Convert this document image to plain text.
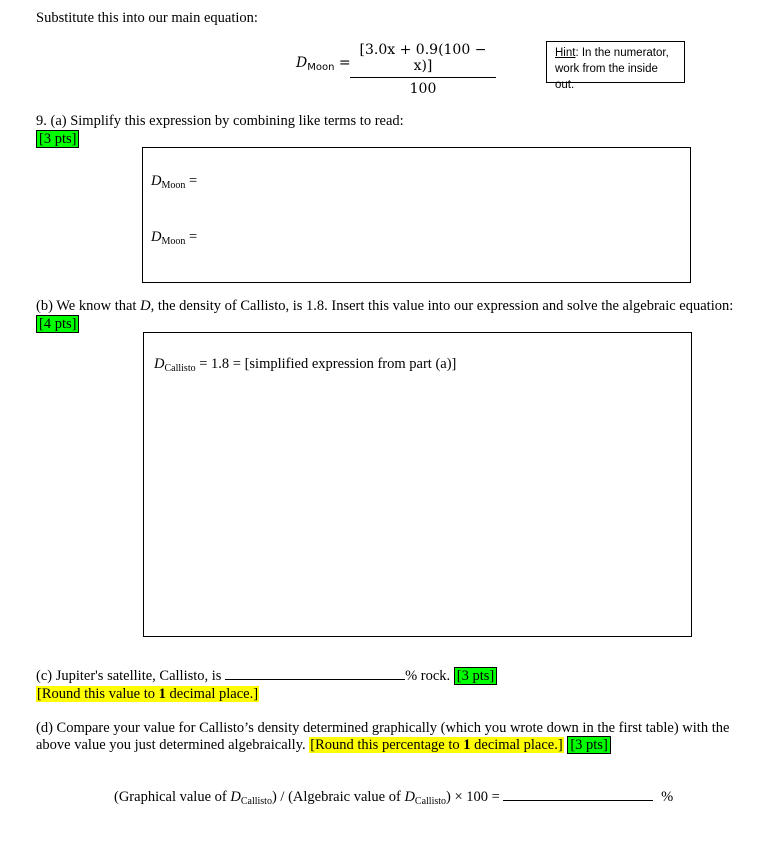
Substitute this into our main equation:
$D_{Moon}$ =
[3.0x + 0.9(100 − x)]
100
Hint: In the numerator,
work from the inside out.
9. (a) Simplify this expression by combining like terms to read:
[3 pts]
$D_{Moon}$ =
$D_{Moon}$ =
(b) We know that D, the density of Callisto, is 1.8. Insert this value into our expression and solve the algebraic equation:
[4 pts]
$D_{Callisto} = 1.8$ = [simplified expression from part (a)]
(c) Jupiter's satellite, Callisto, is	% rock. [3 pts]
[Round this value to 1 decimal place.]
(d) Compare your value for Callisto’s density determined graphically (which you wrote down in the first table) with the
above value you just determined algebraically. [Round this percentage to 1 decimal place.] [3 pts]
(Graphical value of $D_{Callisto}$) / (Algebraic value of $D_{Callisto}) \times 100$ =	%
